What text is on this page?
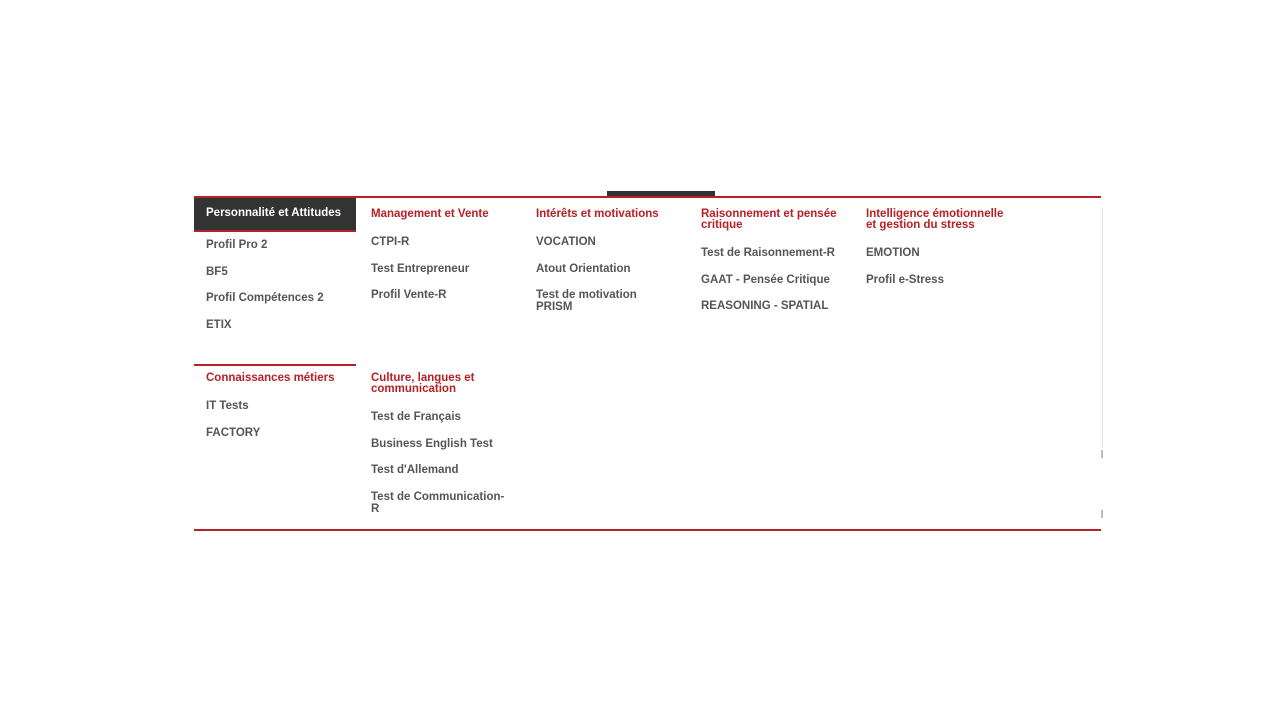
Personnalité et Attitudes
Profil Pro 2
BF5
Profil Compétences 2
ETIX
Management et Vente
CTPI-R
Test Entrepreneur
Profil Vente-R
Intérêts et motivations
VOCATION
Atout Orientation
Test de motivation PRISM
Raisonnement et pensée critique
Test de Raisonnement-R
GAAT - Pensée Critique
REASONING - SPATIAL
Intelligence émotionnelle et gestion du stress
EMOTION
Profil e-Stress
Connaissances métiers
IT Tests
FACTORY
Culture, langues et communication
Test de Français
Business English Test
Test d'Allemand
Test de Communication-R
